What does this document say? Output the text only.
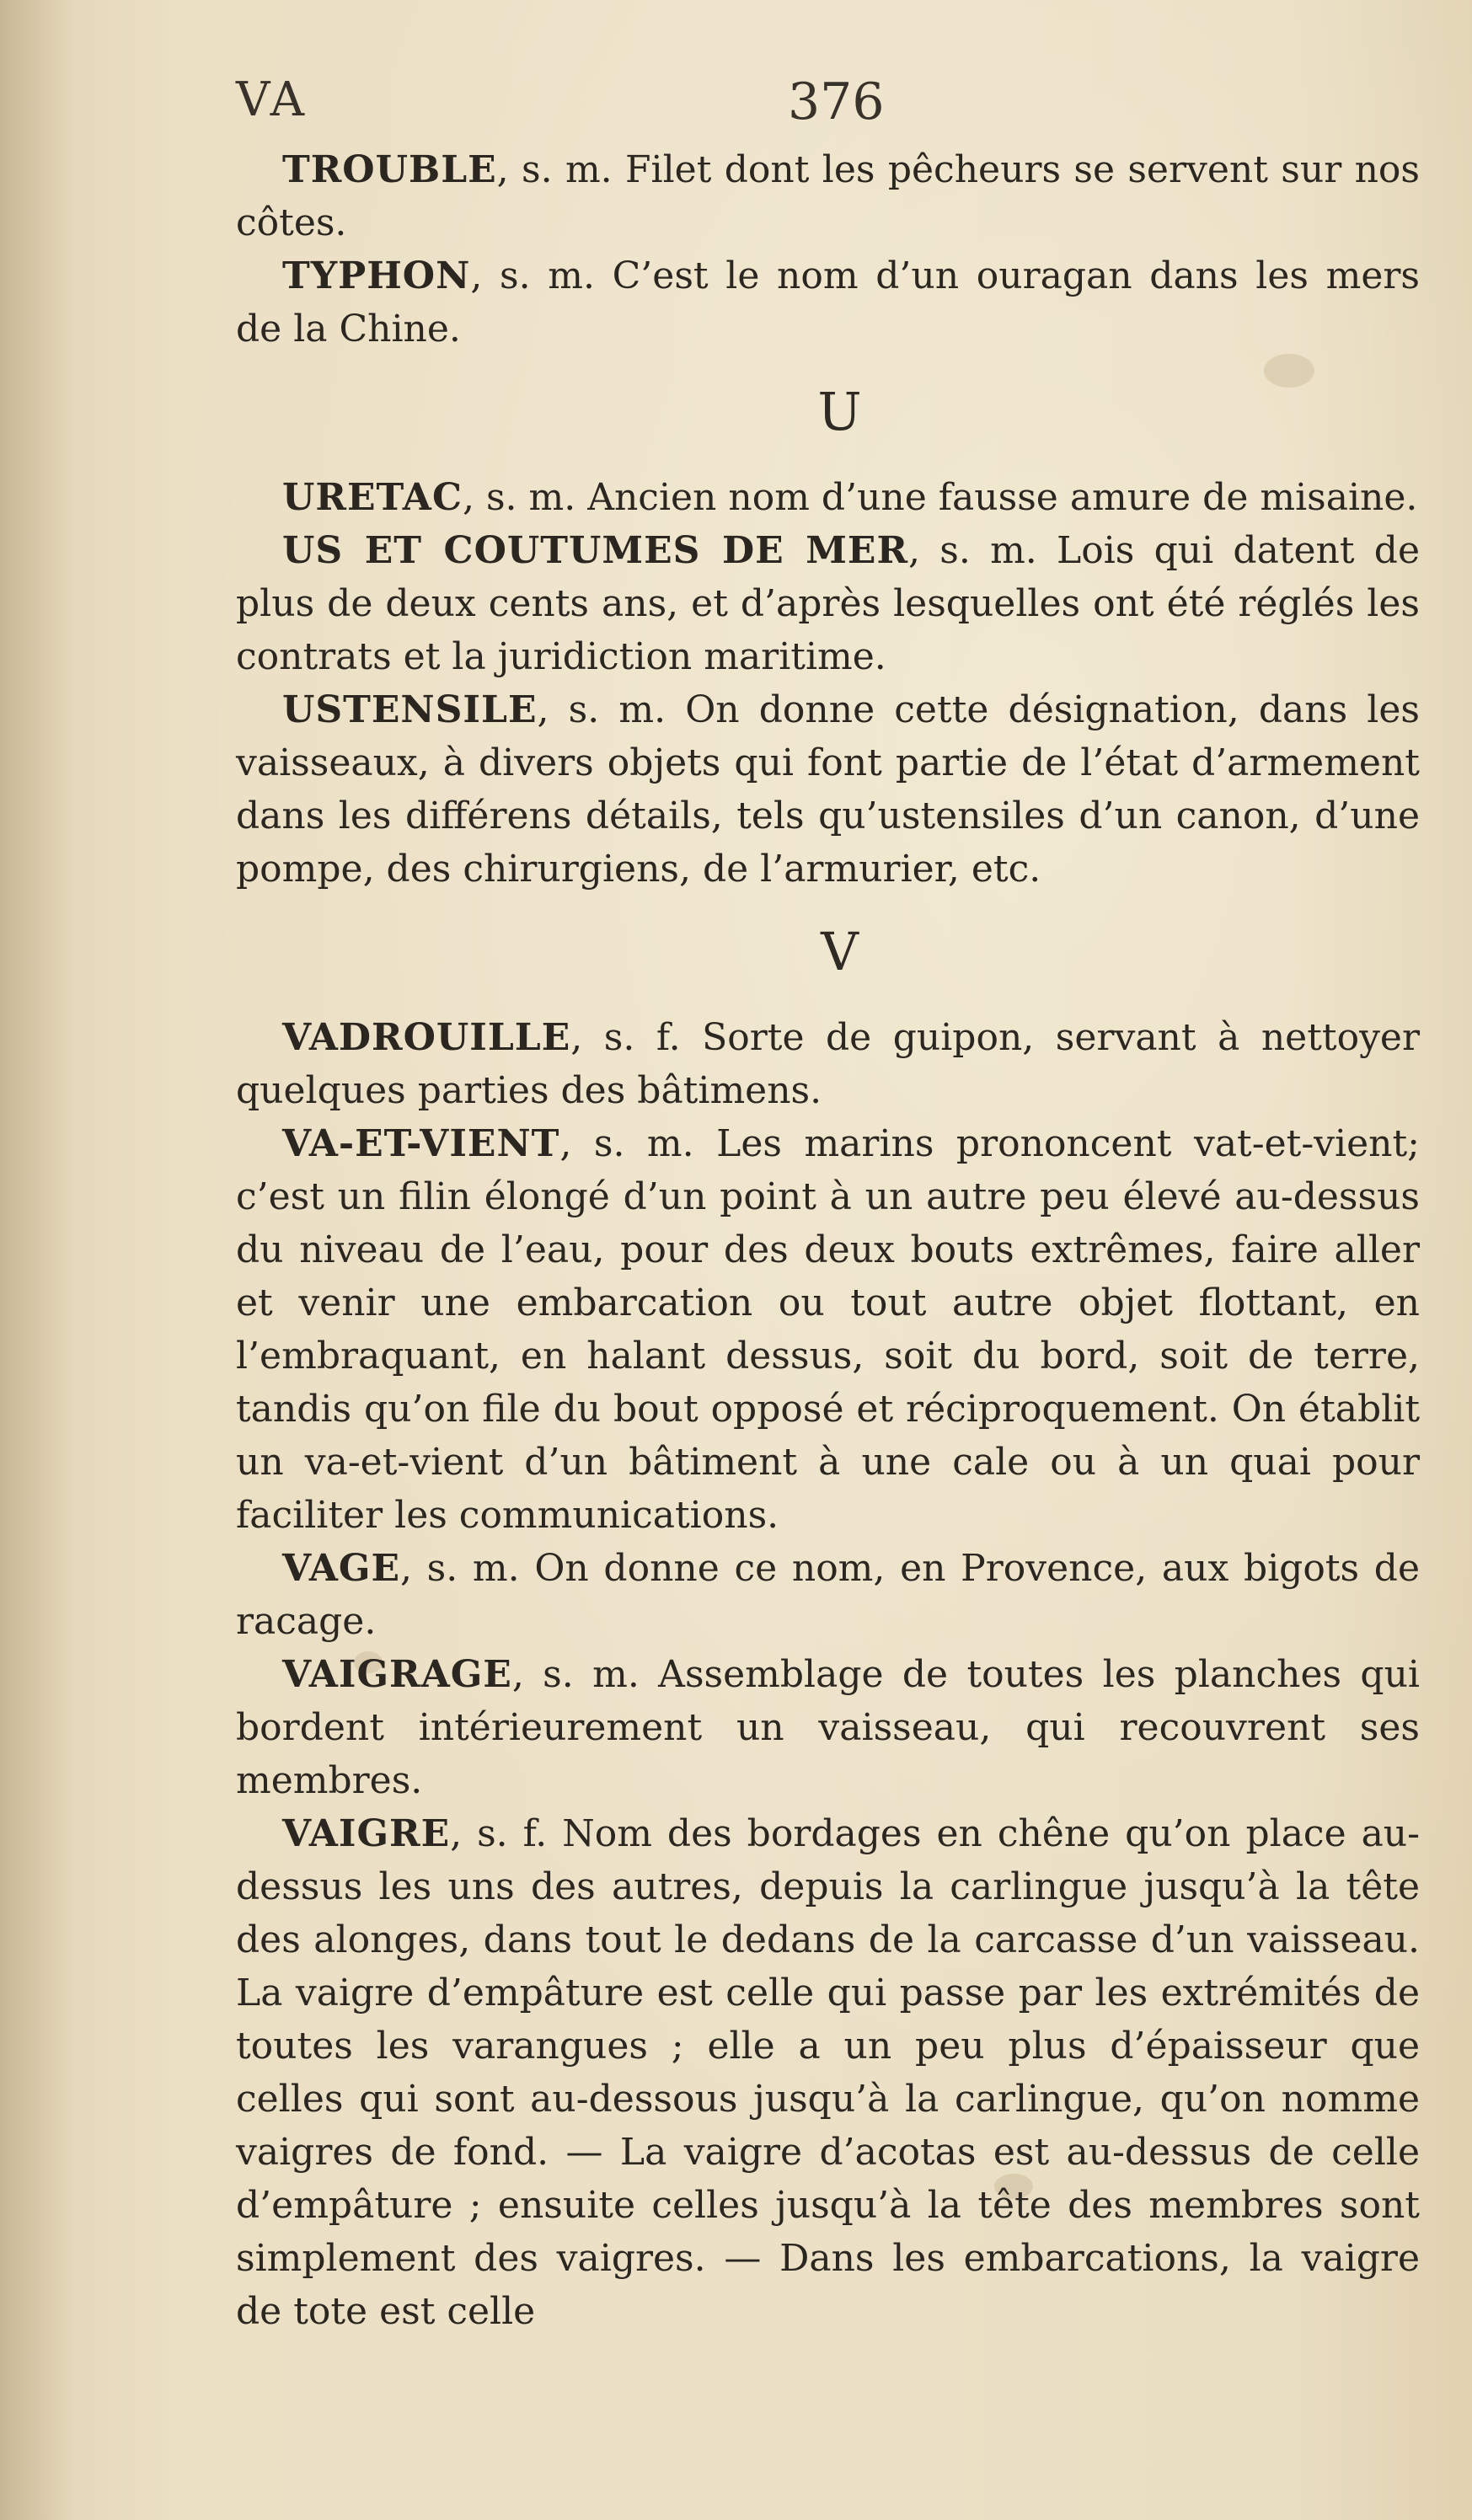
VA	376

TROUBLE, s. m. Filet dont les pêcheurs se servent sur nos côtes.

TYPHON, s. m. C’est le nom d’un ouragan dans les mers de la Chine.

U

URETAC, s. m. Ancien nom d’une fausse amure de misaine.

US ET COUTUMES DE MER, s. m. Lois qui datent de plus de deux cents ans, et d’après lesquelles ont été réglés les contrats et la juridiction maritime.

USTENSILE, s. m. On donne cette désignation, dans les vaisseaux, à divers objets qui font partie de l’état d’armement dans les différens détails, tels qu’ustensiles d’un canon, d’une pompe, des chirurgiens, de l’armurier, etc.

V

VADROUILLE, s. f. Sorte de guipon, servant à nettoyer quelques parties des bâtimens.

VA-ET-VIENT, s. m. Les marins prononcent vat-et-vient; c’est un filin élongé d’un point à un autre peu élevé au-dessus du niveau de l’eau, pour des deux bouts extrêmes, faire aller et venir une embarcation ou tout autre objet flottant, en l’embraquant, en halant dessus, soit du bord, soit de terre, tandis qu’on file du bout opposé et réciproquement. On établit un va-et-vient d’un bâtiment à une cale ou à un quai pour faciliter les communications.

VAGE, s. m. On donne ce nom, en Provence, aux bigots de racage.

VAIGRAGE, s. m. Assemblage de toutes les planches qui bordent intérieurement un vaisseau, qui recouvrent ses membres.

VAIGRE, s. f. Nom des bordages en chêne qu’on place au-dessus les uns des autres, depuis la carlingue jusqu’à la tête des alonges, dans tout le dedans de la carcasse d’un vaisseau. La vaigre d’empâture est celle qui passe par les extrémités de toutes les varangues ; elle a un peu plus d’épaisseur que celles qui sont au-dessous jusqu’à la carlingue, qu’on nomme vaigres de fond. — La vaigre d’acotas est au-dessus de celle d’empâture ; ensuite celles jusqu’à la tête des membres sont simplement des vaigres. — Dans les embarcations, la vaigre de tote est celle
